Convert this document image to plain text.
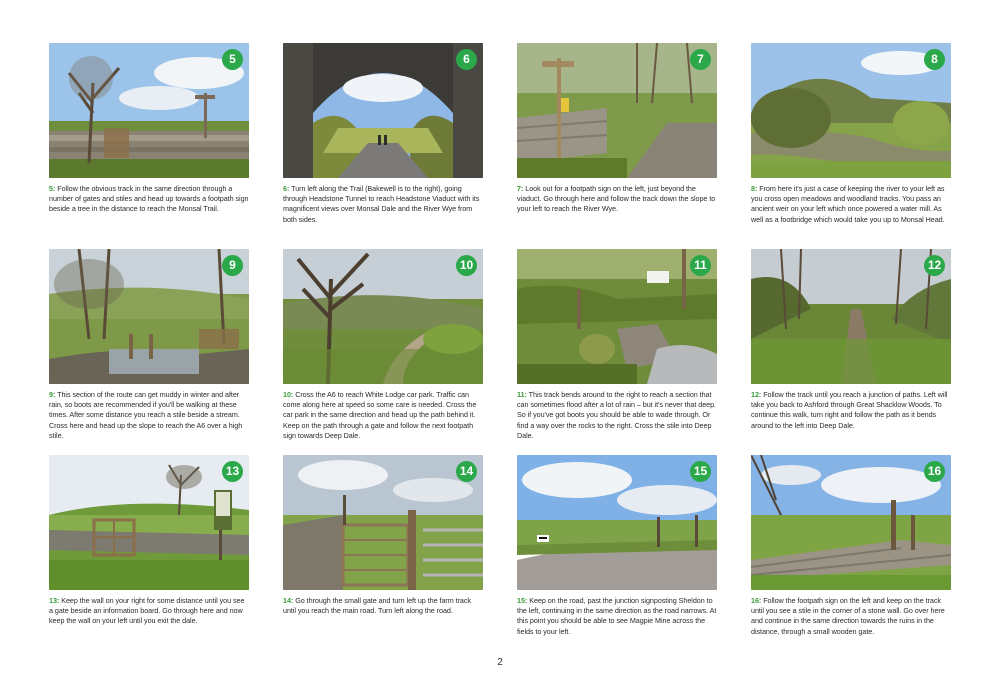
5
5: Follow the obvious track in the same direction through a number of gates and stiles and head up towards a footpath sign beside a tree in the distance to reach the Monsal Trail.
6
6: Turn left along the Trail (Bakewell is to the right), going through Headstone Tunnel to reach Headstone Viaduct with its magnificent views over Monsal Dale and the River Wye from both sides.
7
7: Look out for a footpath sign on the left, just beyond the viaduct. Go through here and follow the track down the slope to your left to reach the River Wye.
8
8: From here it's just a case of keeping the river to your left as you cross open meadows and woodland tracks. You pass an ancient weir on your left which once powered a water mill. As well as a footbridge which would take you up to Monsal Head.
9
9: This section of the route can get muddy in winter and after rain, so boots are recommended if you'll be walking at these times. After some distance you reach a stile beside a stream. Cross here and head up the slope to reach the A6 over a high stile.
10
10: Cross the A6 to reach White Lodge car park. Traffic can come along here at speed so some care is needed. Cross the car park in the same direction and head up the path behind it. Keep on the path through a gate and follow the next footpath sign towards Deep Dale.
11
11: This track bends around to the right to reach a section that can sometimes flood after a lot of rain – but it's never that deep. So if you've got boots you should be able to wade through. Or find a way over the rocks to the right. Cross the stile into Deep Dale.
12
12: Follow the track until you reach a junction of paths. Left will take you back to Ashford through Great Shacklow Woods. To continue this walk, turn right and follow the path as it bends around to the left into Deep Dale.
13
13: Keep the wall on your right for some distance until you see a gate beside an information board. Go through here and now keep the wall on your left until you exit the dale.
14
14: Go through the small gate and turn left up the farm track until you reach the main road. Turn left along the road.
15
15: Keep on the road, past the junction signposting Sheldon to the left, continuing in the same direction as the road narrows. At this point you should be able to see Magpie Mine across the fields to your left.
16
16: Follow the footpath sign on the left and keep on the track until you see a stile in the corner of a stone wall. Go over here and continue in the same direction towards the ruins in the distance, through a small wooden gate.
2
